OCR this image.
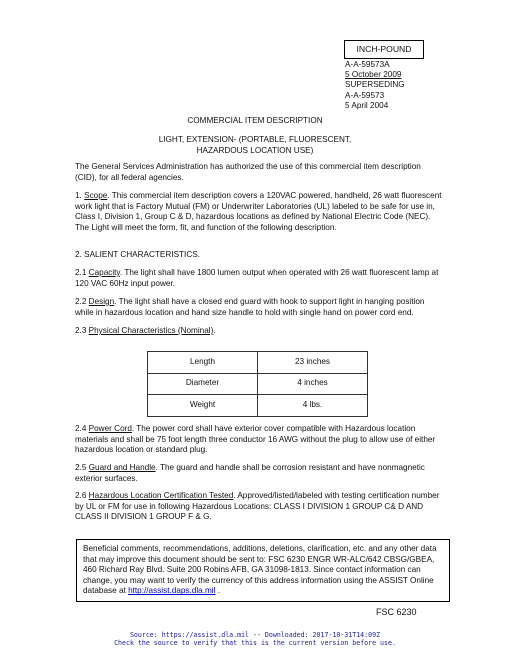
INCH-POUND
A-A-59573A
5 October 2009
SUPERSEDING
A-A-59573
5 April 2004
COMMERCIAL ITEM DESCRIPTION
LIGHT, EXTENSION- (PORTABLE, FLUORESCENT,
HAZARDOUS LOCATION USE)
The General Services Administration has authorized the use of this commercial item description (CID), for all federal agencies.
1. Scope. This commercial item description covers a 120VAC powered, handheld, 26 watt fluorescent work light that is Factory Mutual (FM) or Underwriter Laboratories (UL) labeled to be safe for use in, Class I, Division 1, Group C & D, hazardous locations as defined by National Electric Code (NEC). The Light will meet the form, fit, and function of the following description.
2. SALIENT CHARACTERISTICS.
2.1 Capacity. The light shall have 1800 lumen output when operated with 26 watt fluorescent lamp at 120 VAC 60Hz input power.
2.2 Design. The light shall have a closed end guard with hook to support light in hanging position while in hazardous location and hand size handle to hold with single hand on power cord end.
2.3 Physical Characteristics (Nominal).
Length	23 inches
Diameter	4 inches
Weight	4 lbs.
2.4 Power Cord. The power cord shall have exterior cover compatible with Hazardous location materials and shall be 75 foot length three conductor 16 AWG without the plug to allow use of either hazardous location or standard plug.
2.5 Guard and Handle. The guard and handle shall be corrosion resistant and have nonmagnetic exterior surfaces.
2.6 Hazardous Location Certification Tested. Approved/listed/labeled with testing certification number by UL or FM for use in following Hazardous Locations: CLASS I DIVISION 1 GROUP C& D AND CLASS II DIVISION 1 GROUP F & G.
Beneficial comments, recommendations, additions, deletions, clarification, etc. and any other data that may improve this document should be sent to: FSC 6230 ENGR WR-ALC/642 CBSG/GBEA, 460 Richard Ray Blvd. Suite 200 Robins AFB, GA 31098-1813. Since contact information can change, you may want to verify the currency of this address information using the ASSIST Online database at http://assist.daps.dla.mil .
FSC 6230
Source: https://assist.dla.mil -- Downloaded: 2017-10-31T14:09Z
Check the source to verify that this is the current version before use.
